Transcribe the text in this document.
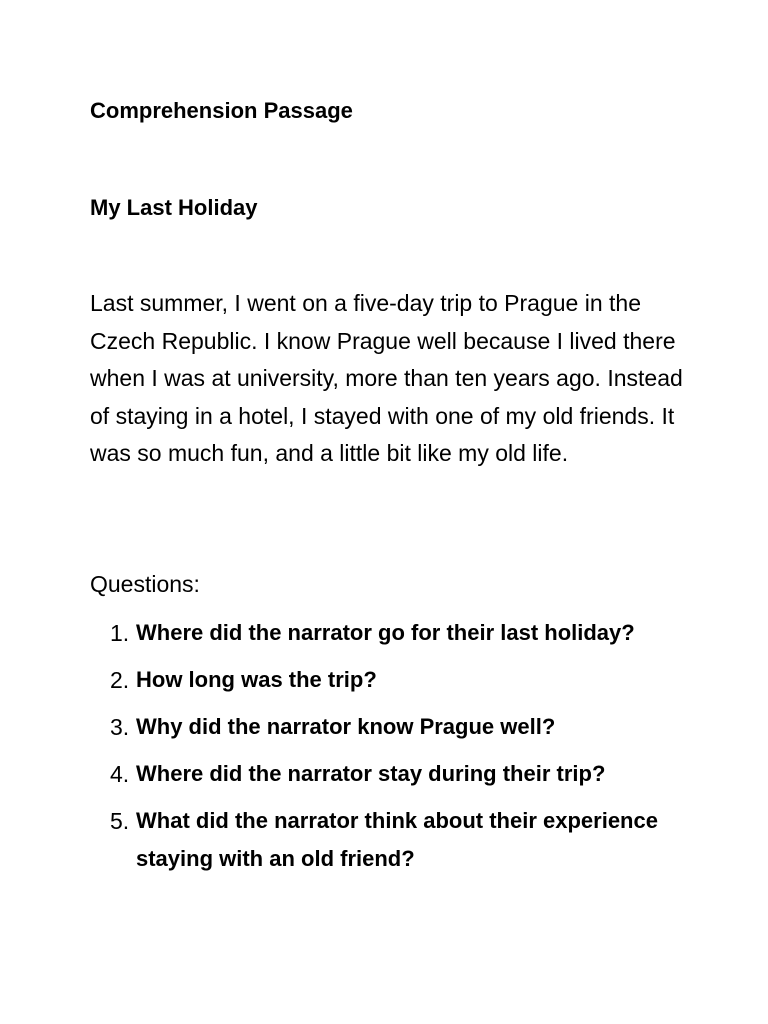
Comprehension Passage
My Last Holiday

Last summer, I went on a five-day trip to Prague in the Czech Republic. I know Prague well because I lived there when I was at university, more than ten years ago. Instead of staying in a hotel, I stayed with one of my old friends. It was so much fun, and a little bit like my old life.

Questions:

1. Where did the narrator go for their last holiday?
2. How long was the trip?
3. Why did the narrator know Prague well?
4. Where did the narrator stay during their trip?
5. What did the narrator think about their experience staying with an old friend?
